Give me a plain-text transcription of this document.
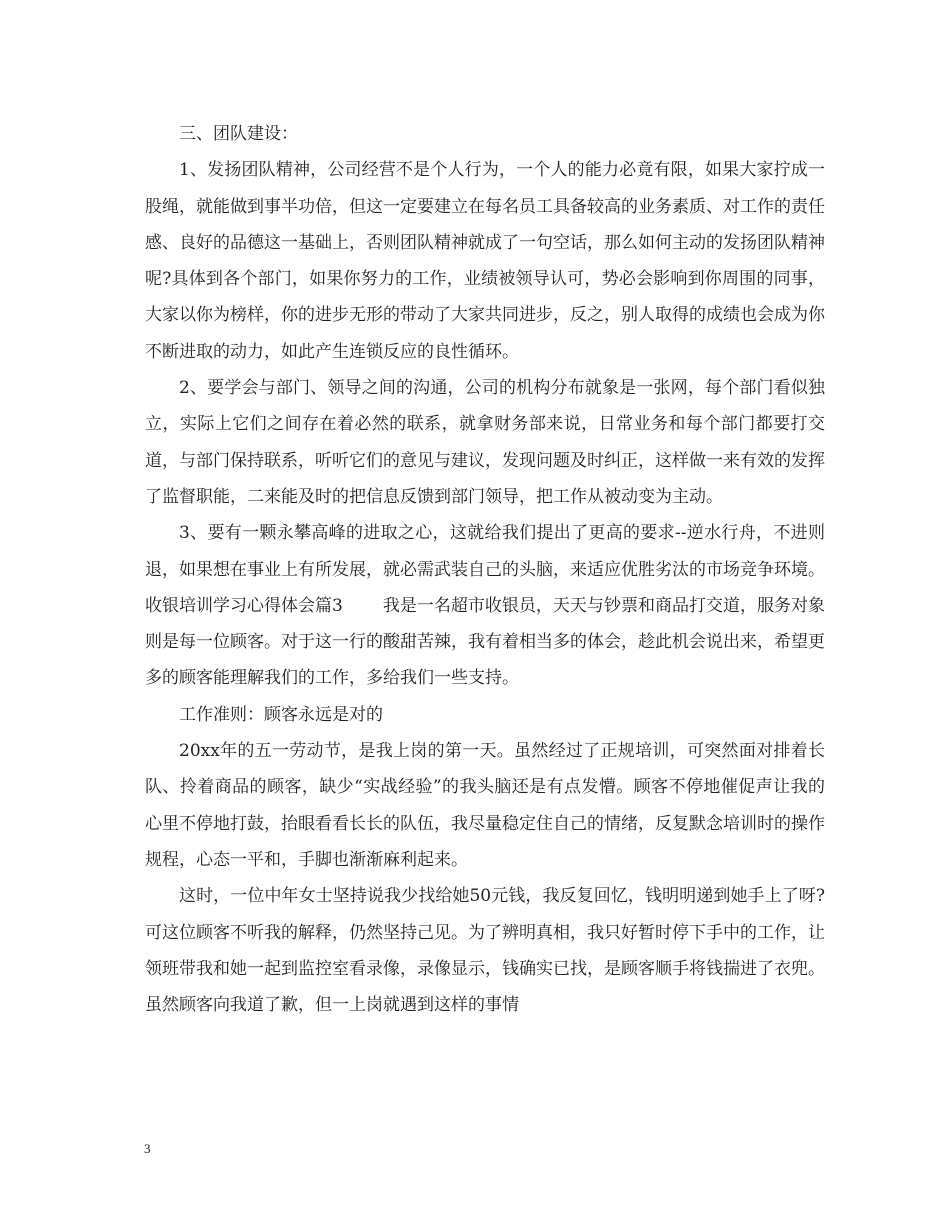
三、团队建设：

1、发扬团队精神，公司经营不是个人行为，一个人的能力必竟有限，如果大家拧成一股绳，就能做到事半功倍，但这一定要建立在每名员工具备较高的业务素质、对工作的责任感、良好的品德这一基础上，否则团队精神就成了一句空话，那么如何主动的发扬团队精神呢?具体到各个部门，如果你努力的工作，业绩被领导认可，势必会影响到你周围的同事，大家以你为榜样，你的进步无形的带动了大家共同进步，反之，别人取得的成绩也会成为你不断进取的动力，如此产生连锁反应的良性循环。

2、要学会与部门、领导之间的沟通，公司的机构分布就象是一张网，每个部门看似独立，实际上它们之间存在着必然的联系，就拿财务部来说，日常业务和每个部门都要打交道，与部门保持联系，听听它们的意见与建议，发现问题及时纠正，这样做一来有效的发挥了监督职能，二来能及时的把信息反馈到部门领导，把工作从被动变为主动。

3、要有一颗永攀高峰的进取之心，这就给我们提出了更高的要求--逆水行舟，不进则退，如果想在事业上有所发展，就必需武装自己的头脑，来适应优胜劣汰的市场竞争环境。

收银培训学习心得体会篇3 我是一名超市收银员，天天与钞票和商品打交道，服务对象则是每一位顾客。对于这一行的酸甜苦辣，我有着相当多的体会，趁此机会说出来，希望更多的顾客能理解我们的工作，多给我们一些支持。

工作准则：顾客永远是对的

20xx年的五一劳动节，是我上岗的第一天。虽然经过了正规培训，可突然面对排着长队、拎着商品的顾客，缺少“实战经验”的我头脑还是有点发懵。顾客不停地催促声让我的心里不停地打鼓，抬眼看看长长的队伍，我尽量稳定住自己的情绪，反复默念培训时的操作规程，心态一平和，手脚也渐渐麻利起来。

这时，一位中年女士坚持说我少找给她50元钱，我反复回忆，钱明明递到她手上了呀?可这位顾客不听我的解释，仍然坚持己见。为了辨明真相，我只好暂时停下手中的工作，让领班带我和她一起到监控室看录像，录像显示，钱确实已找，是顾客顺手将钱揣进了衣兜。虽然顾客向我道了歉，但一上岗就遇到这样的事情

3
